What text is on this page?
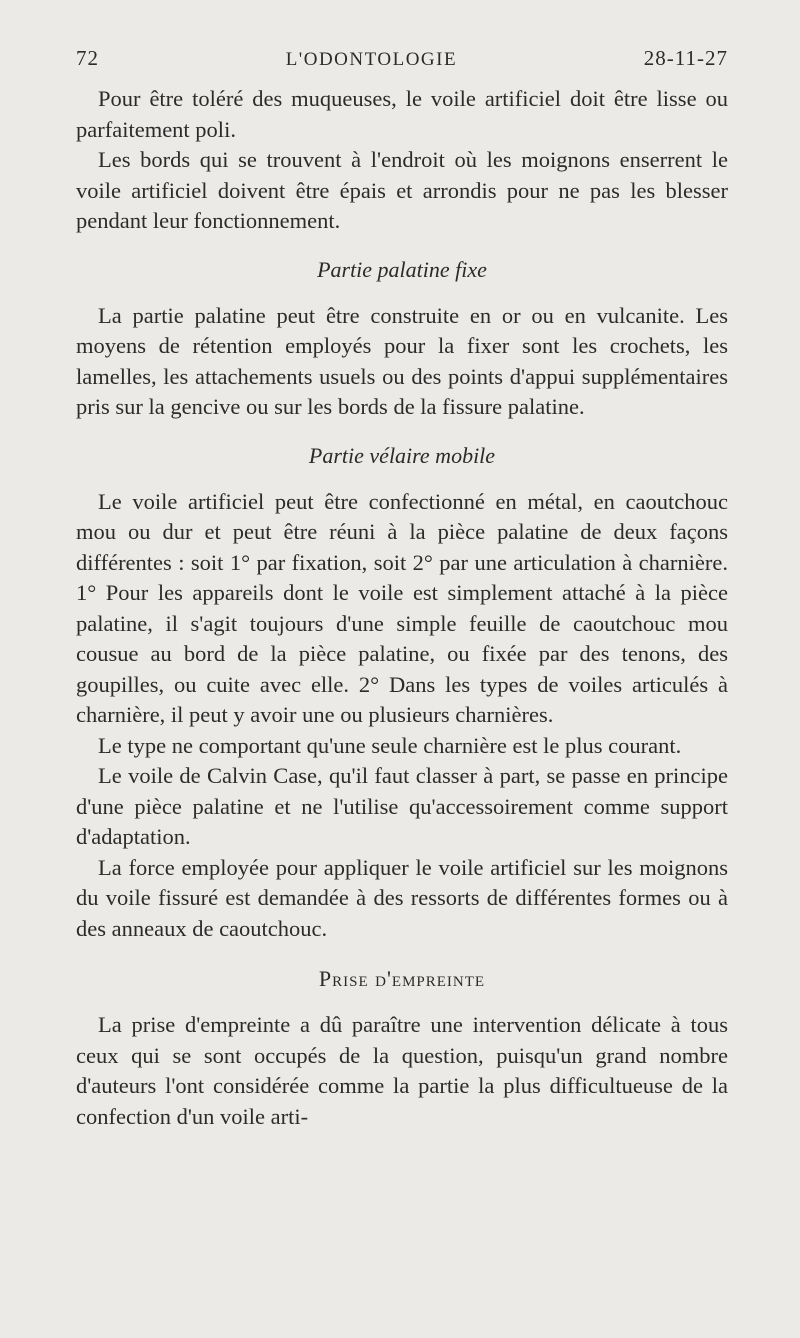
72	L'ODONTOLOGIE	28-11-27

Pour être toléré des muqueuses, le voile artificiel doit être lisse ou parfaitement poli.

Les bords qui se trouvent à l'endroit où les moignons enserrent le voile artificiel doivent être épais et arrondis pour ne pas les blesser pendant leur fonctionnement.

Partie palatine fixe

La partie palatine peut être construite en or ou en vulcanite. Les moyens de rétention employés pour la fixer sont les crochets, les lamelles, les attachements usuels ou des points d'appui supplémentaires pris sur la gencive ou sur les bords de la fissure palatine.

Partie vélaire mobile

Le voile artificiel peut être confectionné en métal, en caoutchouc mou ou dur et peut être réuni à la pièce palatine de deux façons différentes : soit 1° par fixation, soit 2° par une articulation à charnière. 1° Pour les appareils dont le voile est simplement attaché à la pièce palatine, il s'agit toujours d'une simple feuille de caoutchouc mou cousue au bord de la pièce palatine, ou fixée par des tenons, des goupilles, ou cuite avec elle. 2° Dans les types de voiles articulés à charnière, il peut y avoir une ou plusieurs charnières.

Le type ne comportant qu'une seule charnière est le plus courant.

Le voile de Calvin Case, qu'il faut classer à part, se passe en principe d'une pièce palatine et ne l'utilise qu'accessoirement comme support d'adaptation.

La force employée pour appliquer le voile artificiel sur les moignons du voile fissuré est demandée à des ressorts de différentes formes ou à des anneaux de caoutchouc.

Prise d'empreinte

La prise d'empreinte a dû paraître une intervention délicate à tous ceux qui se sont occupés de la question, puisqu'un grand nombre d'auteurs l'ont considérée comme la partie la plus difficultueuse de la confection d'un voile arti-
